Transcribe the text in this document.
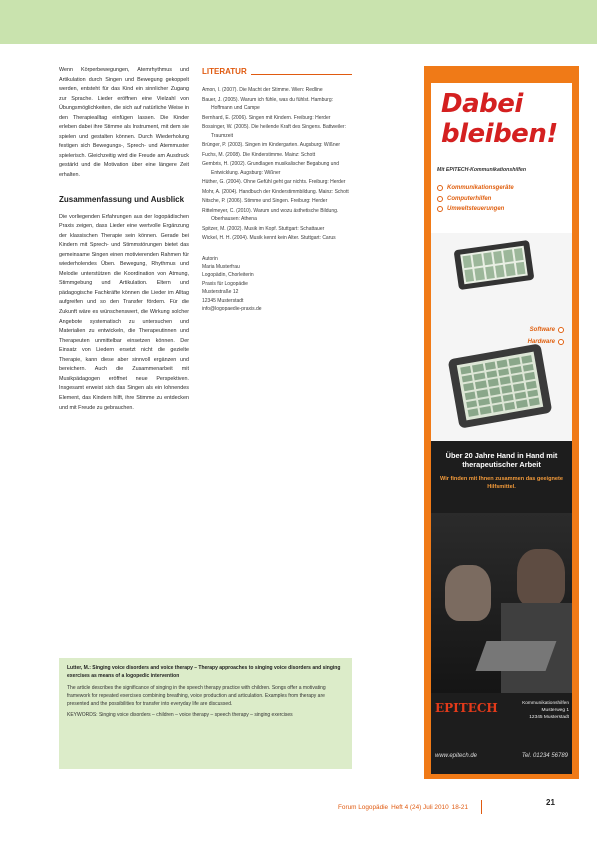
Wenn Körperbewegungen, Atemrhythmus und Artikulation durch Singen und Bewegung gekoppelt werden, entsteht für das Kind ein sinnlicher Zugang zur Sprache. Lieder eröffnen eine Vielzahl von Übungsmöglichkeiten, die sich auf natürliche Weise in den Therapiealltag einfügen lassen. Die Kinder erleben dabei ihre Stimme als Instrument, mit dem sie spielen und gestalten können. Durch Wiederholung festigen sich Bewegungs-, Sprech- und Atemmuster spielerisch. Gleichzeitig wird die Freude am Ausdruck gestärkt und die Motivation über eine längere Zeit erhalten.

Zusammenfassung und Ausblick

Die vorliegenden Erfahrungen aus der logopädischen Praxis zeigen, dass Lieder eine wertvolle Ergänzung der klassischen Therapie sein können. Gerade bei Kindern mit Sprech- und Stimmstörungen bietet das gemeinsame Singen einen motivierenden Rahmen für wiederholendes Üben. Bewegung, Rhythmus und Melodie unterstützen die Koordination von Atmung, Stimmgebung und Artikulation. Eltern und pädagogische Fachkräfte können die Lieder im Alltag aufgreifen und so den Transfer fördern. Für die Zukunft wäre es wünschenswert, die Wirkung solcher Angebote systematisch zu untersuchen und Materialien zu entwickeln, die Therapeutinnen und Therapeuten unmittelbar einsetzen können. Der Einsatz von Liedern ersetzt nicht die gezielte Therapie, kann diese aber sinnvoll ergänzen und bereichern. Auch die Zusammenarbeit mit Musikpädagogen eröffnet neue Perspektiven. Insgesamt erweist sich das Singen als ein lohnendes Element, das Kindern hilft, ihre Stimme zu entdecken und mit Freude zu gebrauchen.

LITERATUR

Amon, I. (2007). Die Macht der Stimme. Wien: Redline

Bauer, J. (2005). Warum ich fühle, was du fühlst. Hamburg: Hoffmann und Campe

Bernhard, E. (2006). Singen mit Kindern. Freiburg: Herder

Bossinger, W. (2005). Die heilende Kraft des Singens. Battweiler: Traumzeit

Brünger, P. (2003). Singen im Kindergarten. Augsburg: Wißner

Fuchs, M. (2008). Die Kinderstimme. Mainz: Schott

Gembris, H. (2002). Grundlagen musikalischer Begabung und Entwicklung. Augsburg: Wißner

Hüther, G. (2004). Ohne Gefühl geht gar nichts. Freiburg: Herder

Mohr, A. (2004). Handbuch der Kinderstimmbildung. Mainz: Schott

Nitsche, P. (2006). Stimme und Singen. Freiburg: Herder

Rittelmeyer, C. (2010). Warum und wozu ästhetische Bildung. Oberhausen: Athena

Spitzer, M. (2002). Musik im Kopf. Stuttgart: Schattauer

Wickel, H. H. (2004). Musik kennt kein Alter. Stuttgart: Carus

Autorin
Maria Musterfrau
Logopädin, Chorleiterin
Praxis für Logopädie
Musterstraße 12
12345 Musterstadt
info@logopaedie-praxis.de

Lutter, M.: Singing voice disorders and voice therapy – Therapy approaches to singing voice disorders and singing exercises as means of a logopedic intervention

The article describes the significance of singing in the speech therapy practice with children. Songs offer a motivating framework for repeated exercises combining breathing, voice production and articulation. Examples from therapy are presented and the possibilities for transfer into everyday life are discussed.

KEYWORDS: Singing voice disorders – children – voice therapy – speech therapy – singing exercises

Dabei
bleiben!
Mit EPITECH-Kommunikationshilfen
Kommunikationsgeräte
Computerhilfen
Umweltsteuerungen
Software
Hardware
Über 20 Jahre Hand in Hand mit therapeutischer Arbeit
Wir finden mit Ihnen zusammen das geeignete Hilfsmittel.
EPITECH	Kommunikationshilfen
Musterweg 1
12345 Musterstadt
www.epitech.de	Tel. 01234 56789
Forum Logopädie Heft 4 (24) Juli 2010 18-21	21
